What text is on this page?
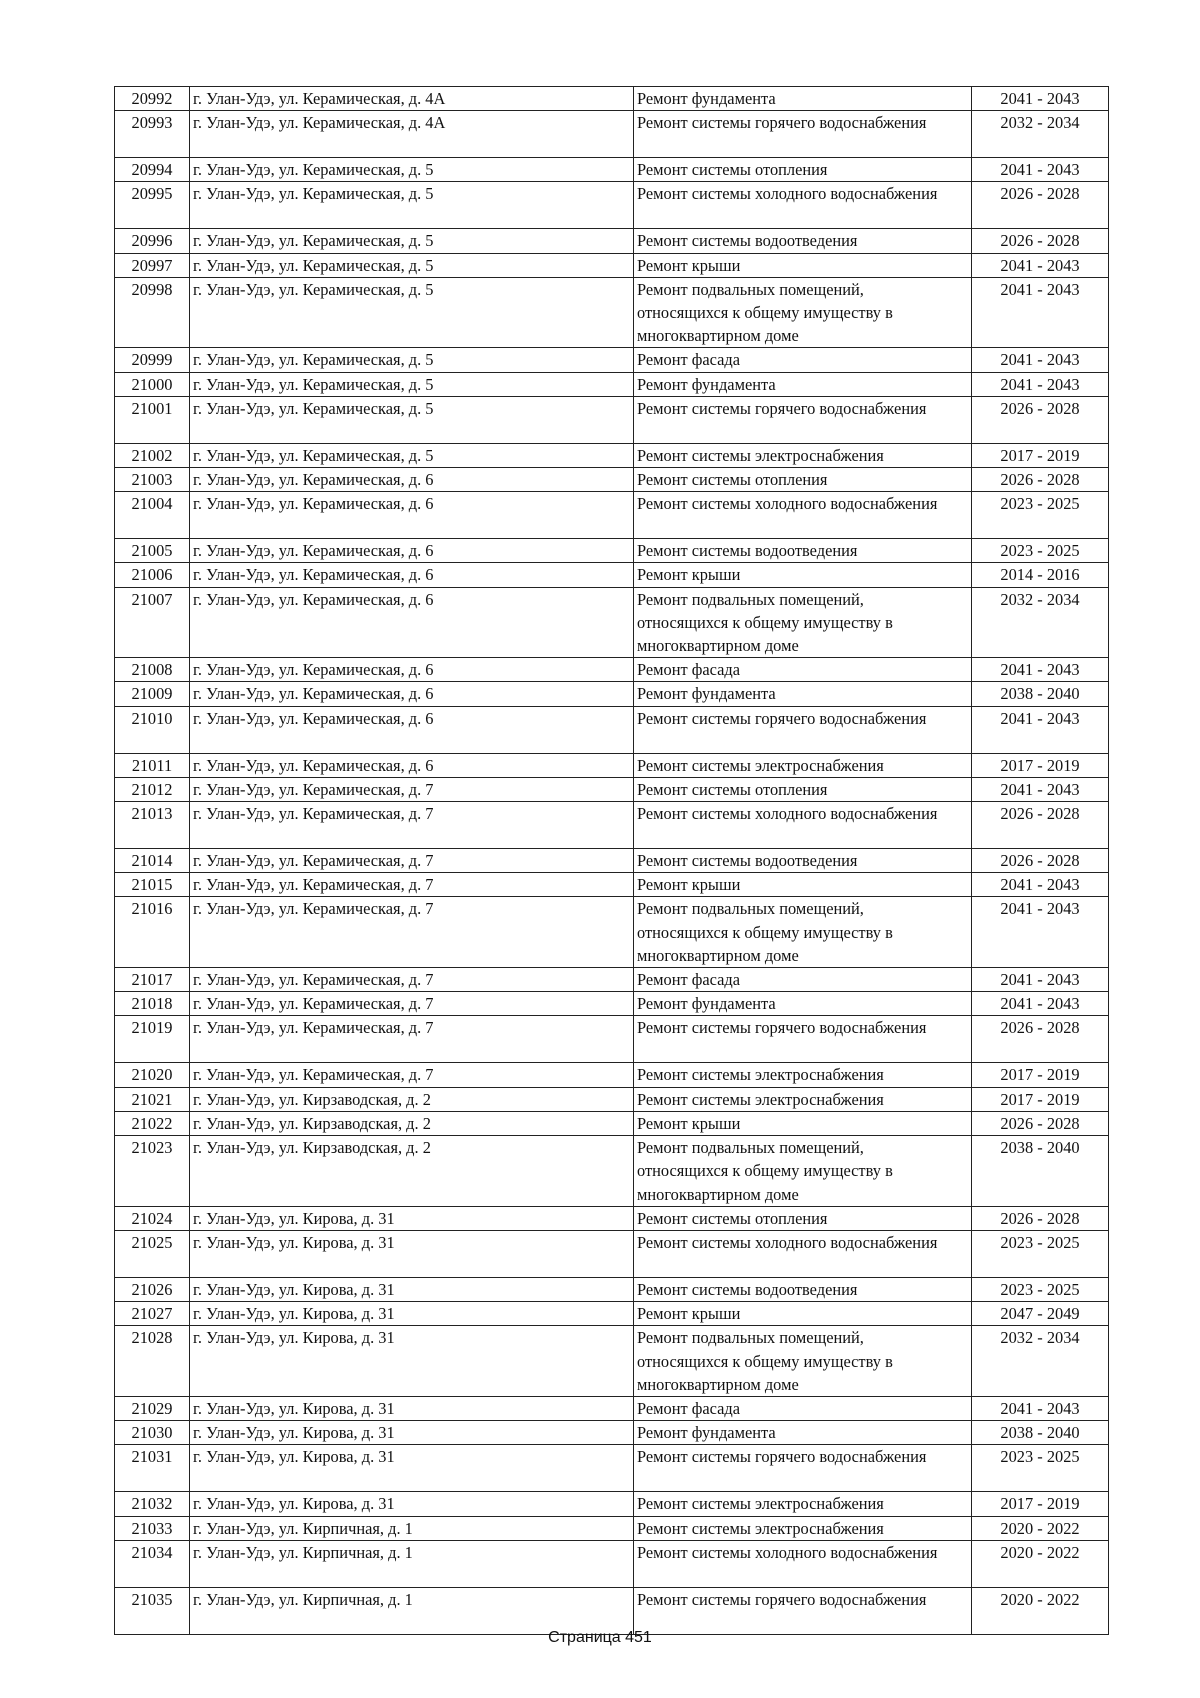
20992	г. Улан-Удэ, ул. Керамическая, д. 4А	Ремонт фундамента	2041 - 2043
20993	г. Улан-Удэ, ул. Керамическая, д. 4А	Ремонт системы горячего водоснабжения	2032 - 2034
20994	г. Улан-Удэ, ул. Керамическая, д. 5	Ремонт системы отопления	2041 - 2043
20995	г. Улан-Удэ, ул. Керамическая, д. 5	Ремонт системы холодного водоснабжения	2026 - 2028
20996	г. Улан-Удэ, ул. Керамическая, д. 5	Ремонт системы водоотведения	2026 - 2028
20997	г. Улан-Удэ, ул. Керамическая, д. 5	Ремонт крыши	2041 - 2043
20998	г. Улан-Удэ, ул. Керамическая, д. 5	Ремонт подвальных помещений,
относящихся к общему имуществу в
многоквартирном доме	2041 - 2043
20999	г. Улан-Удэ, ул. Керамическая, д. 5	Ремонт фасада	2041 - 2043
21000	г. Улан-Удэ, ул. Керамическая, д. 5	Ремонт фундамента	2041 - 2043
21001	г. Улан-Удэ, ул. Керамическая, д. 5	Ремонт системы горячего водоснабжения	2026 - 2028
21002	г. Улан-Удэ, ул. Керамическая, д. 5	Ремонт системы электроснабжения	2017 - 2019
21003	г. Улан-Удэ, ул. Керамическая, д. 6	Ремонт системы отопления	2026 - 2028
21004	г. Улан-Удэ, ул. Керамическая, д. 6	Ремонт системы холодного водоснабжения	2023 - 2025
21005	г. Улан-Удэ, ул. Керамическая, д. 6	Ремонт системы водоотведения	2023 - 2025
21006	г. Улан-Удэ, ул. Керамическая, д. 6	Ремонт крыши	2014 - 2016
21007	г. Улан-Удэ, ул. Керамическая, д. 6	Ремонт подвальных помещений,
относящихся к общему имуществу в
многоквартирном доме	2032 - 2034
21008	г. Улан-Удэ, ул. Керамическая, д. 6	Ремонт фасада	2041 - 2043
21009	г. Улан-Удэ, ул. Керамическая, д. 6	Ремонт фундамента	2038 - 2040
21010	г. Улан-Удэ, ул. Керамическая, д. 6	Ремонт системы горячего водоснабжения	2041 - 2043
21011	г. Улан-Удэ, ул. Керамическая, д. 6	Ремонт системы электроснабжения	2017 - 2019
21012	г. Улан-Удэ, ул. Керамическая, д. 7	Ремонт системы отопления	2041 - 2043
21013	г. Улан-Удэ, ул. Керамическая, д. 7	Ремонт системы холодного водоснабжения	2026 - 2028
21014	г. Улан-Удэ, ул. Керамическая, д. 7	Ремонт системы водоотведения	2026 - 2028
21015	г. Улан-Удэ, ул. Керамическая, д. 7	Ремонт крыши	2041 - 2043
21016	г. Улан-Удэ, ул. Керамическая, д. 7	Ремонт подвальных помещений,
относящихся к общему имуществу в
многоквартирном доме	2041 - 2043
21017	г. Улан-Удэ, ул. Керамическая, д. 7	Ремонт фасада	2041 - 2043
21018	г. Улан-Удэ, ул. Керамическая, д. 7	Ремонт фундамента	2041 - 2043
21019	г. Улан-Удэ, ул. Керамическая, д. 7	Ремонт системы горячего водоснабжения	2026 - 2028
21020	г. Улан-Удэ, ул. Керамическая, д. 7	Ремонт системы электроснабжения	2017 - 2019
21021	г. Улан-Удэ, ул. Кирзаводская, д. 2	Ремонт системы электроснабжения	2017 - 2019
21022	г. Улан-Удэ, ул. Кирзаводская, д. 2	Ремонт крыши	2026 - 2028
21023	г. Улан-Удэ, ул. Кирзаводская, д. 2	Ремонт подвальных помещений,
относящихся к общему имуществу в
многоквартирном доме	2038 - 2040
21024	г. Улан-Удэ, ул. Кирова, д. 31	Ремонт системы отопления	2026 - 2028
21025	г. Улан-Удэ, ул. Кирова, д. 31	Ремонт системы холодного водоснабжения	2023 - 2025
21026	г. Улан-Удэ, ул. Кирова, д. 31	Ремонт системы водоотведения	2023 - 2025
21027	г. Улан-Удэ, ул. Кирова, д. 31	Ремонт крыши	2047 - 2049
21028	г. Улан-Удэ, ул. Кирова, д. 31	Ремонт подвальных помещений,
относящихся к общему имуществу в
многоквартирном доме	2032 - 2034
21029	г. Улан-Удэ, ул. Кирова, д. 31	Ремонт фасада	2041 - 2043
21030	г. Улан-Удэ, ул. Кирова, д. 31	Ремонт фундамента	2038 - 2040
21031	г. Улан-Удэ, ул. Кирова, д. 31	Ремонт системы горячего водоснабжения	2023 - 2025
21032	г. Улан-Удэ, ул. Кирова, д. 31	Ремонт системы электроснабжения	2017 - 2019
21033	г. Улан-Удэ, ул. Кирпичная, д. 1	Ремонт системы электроснабжения	2020 - 2022
21034	г. Улан-Удэ, ул. Кирпичная, д. 1	Ремонт системы холодного водоснабжения	2020 - 2022
21035	г. Улан-Удэ, ул. Кирпичная, д. 1	Ремонт системы горячего водоснабжения	2020 - 2022
Страница 451
